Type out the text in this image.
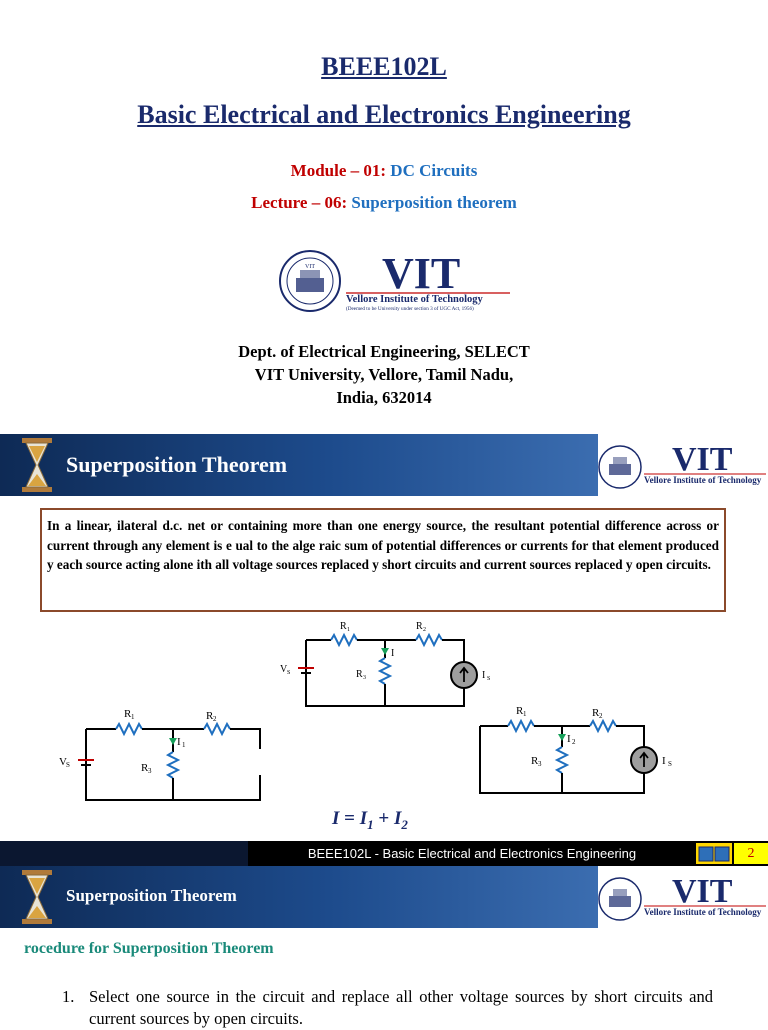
BEEE102L
Basic Electrical and Electronics Engineering
Module – 01: DC Circuits
Lecture – 06: Superposition theorem
VIT VIT
Vellore Institute of Technology
(Deemed to be University under section 3 of UGC Act, 1956)
Dept. of Electrical Engineering, SELECT
VIT University, Vellore, Tamil Nadu,
India, 632014
Superposition Theorem	VIT
Vellore Institute of Technology
In a linear, ilateral d.c. net or containing more than one energy source, the resultant potential difference across or current through any element is e ual to the alge raic sum of potential differences or currents for that element produced y each source acting alone ith all voltage sources replaced y short circuits and current sources replaced y open circuits.
R 1	R 2
R 3
V S
I
I S
R 1	R 2
R 3
V S
I 1
R 1	R 2
R 3
I 2
I S
$I = I_1 + I_2$
BEEE102L - Basic Electrical and Electronics Engineering	2
Superposition Theorem	VIT
Vellore Institute of Technology
rocedure for Superposition Theorem
1. Select one source in the circuit and replace all other voltage sources by short circuits and current sources by open circuits.
